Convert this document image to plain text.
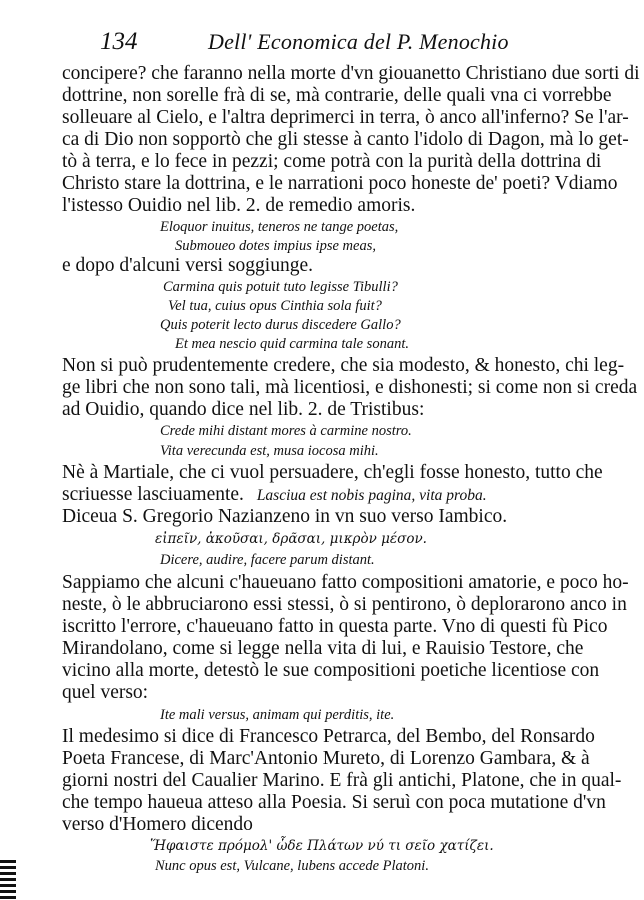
134	Dell' Economica del P. Menochio
concipere? che faranno nella morte d'vn giouanetto Christiano due sorti di
dottrine, non sorelle frà di se, mà contrarie, delle quali vna ci vorrebbe
solleuare al Cielo, e l'altra deprimerci in terra, ò anco all'inferno? Se l'ar-
ca di Dio non sopportò che gli stesse à canto l'idolo di Dagon, mà lo get-
tò à terra, e lo fece in pezzi; come potrà con la purità della dottrina di
Christo stare la dottrina, e le narrationi poco honeste de' poeti? Vdiamo
l'istesso Ouidio nel lib. 2. de remedio amoris.
Eloquor inuitus, teneros ne tange poetas,
Submoueo dotes impius ipse meas,
e dopo d'alcuni versi soggiunge.
Carmina quis potuit tuto legisse Tibulli?
Vel tua, cuius opus Cinthia sola fuit?
Quis poterit lecto durus discedere Gallo?
Et mea nescio quid carmina tale sonant.
Non si può prudentemente credere, che sia modesto, & honesto, chi leg-
ge libri che non sono tali, mà licentiosi, e dishonesti; si come non si creda
ad Ouidio, quando dice nel lib. 2. de Tristibus:
Crede mihi distant mores à carmine nostro.
Vita verecunda est, musa iocosa mihi.
Nè à Martiale, che ci vuol persuadere, ch'egli fosse honesto, tutto che
scriuesse lasciuamente. Lasciua est nobis pagina, vita proba.
Diceua S. Gregorio Nazianzeno in vn suo verso Iambico.
εἰπεῖν, ἀκοῦσαι, δρᾶσαι, μικρὸν μέσον.
Dicere, audire, facere parum distant.
Sappiamo che alcuni c'haueuano fatto compositioni amatorie, e poco ho-
neste, ò le abbruciarono essi stessi, ò si pentirono, ò deplorarono anco in
iscritto l'errore, c'haueuano fatto in questa parte. Vno di questi fù Pico
Mirandolano, come si legge nella vita di lui, e Rauisio Testore, che
vicino alla morte, detestò le sue compositioni poetiche licentiose con
quel verso:
Ite mali versus, animam qui perditis, ite.
Il medesimo si dice di Francesco Petrarca, del Bembo, del Ronsardo
Poeta Francese, di Marc'Antonio Mureto, di Lorenzo Gambara, & à
giorni nostri del Caualier Marino. E frà gli antichi, Platone, che in qual-
che tempo haueua atteso alla Poesia. Si seruì con poca mutatione d'vn
verso d'Homero dicendo
Ἥφαιστε πρόμολ' ὧδε Πλάτων νύ τι σεῖο χατίζει.
Nunc opus est, Vulcane, lubens accede Platoni.
